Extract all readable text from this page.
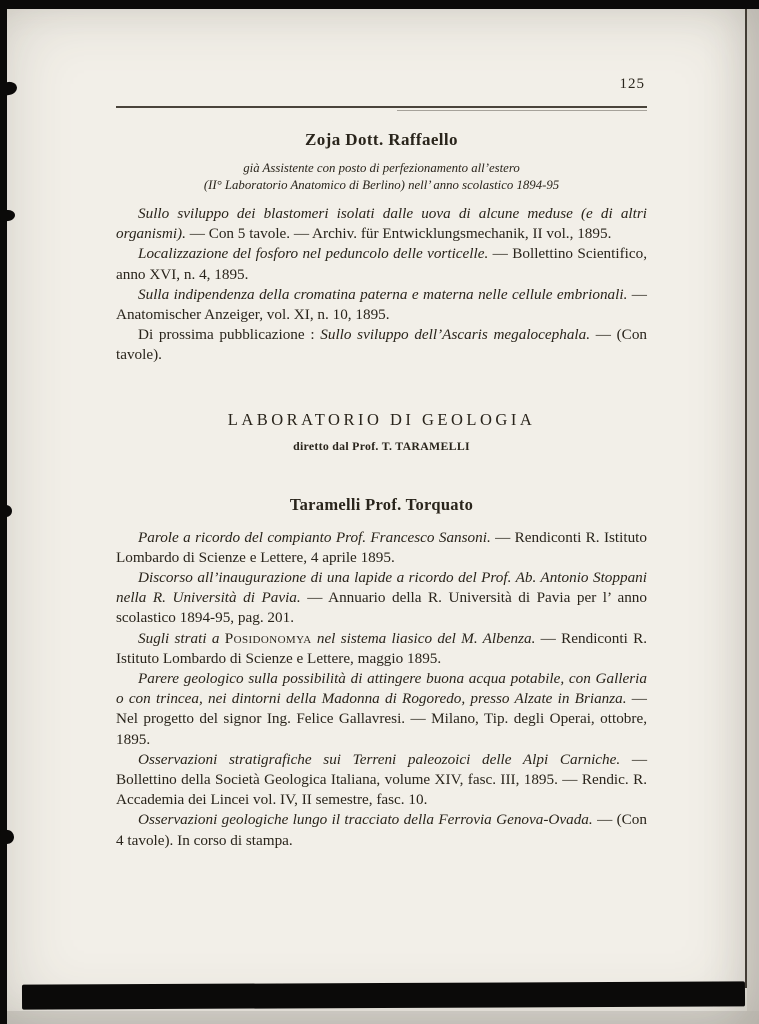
125
Zoja Dott. Raffaello
già Assistente con posto di perfezionamento all’estero
(II° Laboratorio Anatomico di Berlino) nell’ anno scolastico 1894-95

Sullo sviluppo dei blastomeri isolati dalle uova di alcune meduse (e di altri organismi). — Con 5 tavole. — Archiv. für Entwicklungsmechanik, II vol., 1895.

Localizzazione del fosforo nel peduncolo delle vorticelle. — Bollettino Scientifico, anno XVI, n. 4, 1895.

Sulla indipendenza della cromatina paterna e materna nelle cellule embrionali. — Anatomischer Anzeiger, vol. XI, n. 10, 1895.

Di prossima pubblicazione : Sullo sviluppo dell’Ascaris megalocephala. — (Con tavole).

LABORATORIO DI GEOLOGIA
diretto dal Prof. T. TARAMELLI
Taramelli Prof. Torquato

Parole a ricordo del compianto Prof. Francesco Sansoni. — Rendiconti R. Istituto Lombardo di Scienze e Lettere, 4 aprile 1895.

Discorso all’inaugurazione di una lapide a ricordo del Prof. Ab. Antonio Stoppani nella R. Università di Pavia. — Annuario della R. Università di Pavia per l’ anno scolastico 1894-95, pag. 201.

Sugli strati a Posidonomya nel sistema liasico del M. Albenza. — Rendiconti R. Istituto Lombardo di Scienze e Lettere, maggio 1895.

Parere geologico sulla possibilità di attingere buona acqua potabile, con Galleria o con trincea, nei dintorni della Madonna di Rogoredo, presso Alzate in Brianza. — Nel progetto del signor Ing. Felice Gallavresi. — Milano, Tip. degli Operai, ottobre, 1895.

Osservazioni stratigrafiche sui Terreni paleozoici delle Alpi Carniche. — Bollettino della Società Geologica Italiana, volume XIV, fasc. III, 1895. — Rendic. R. Accademia dei Lincei vol. IV, II semestre, fasc. 10.

Osservazioni geologiche lungo il tracciato della Ferrovia Genova-Ovada. — (Con 4 tavole). In corso di stampa.
